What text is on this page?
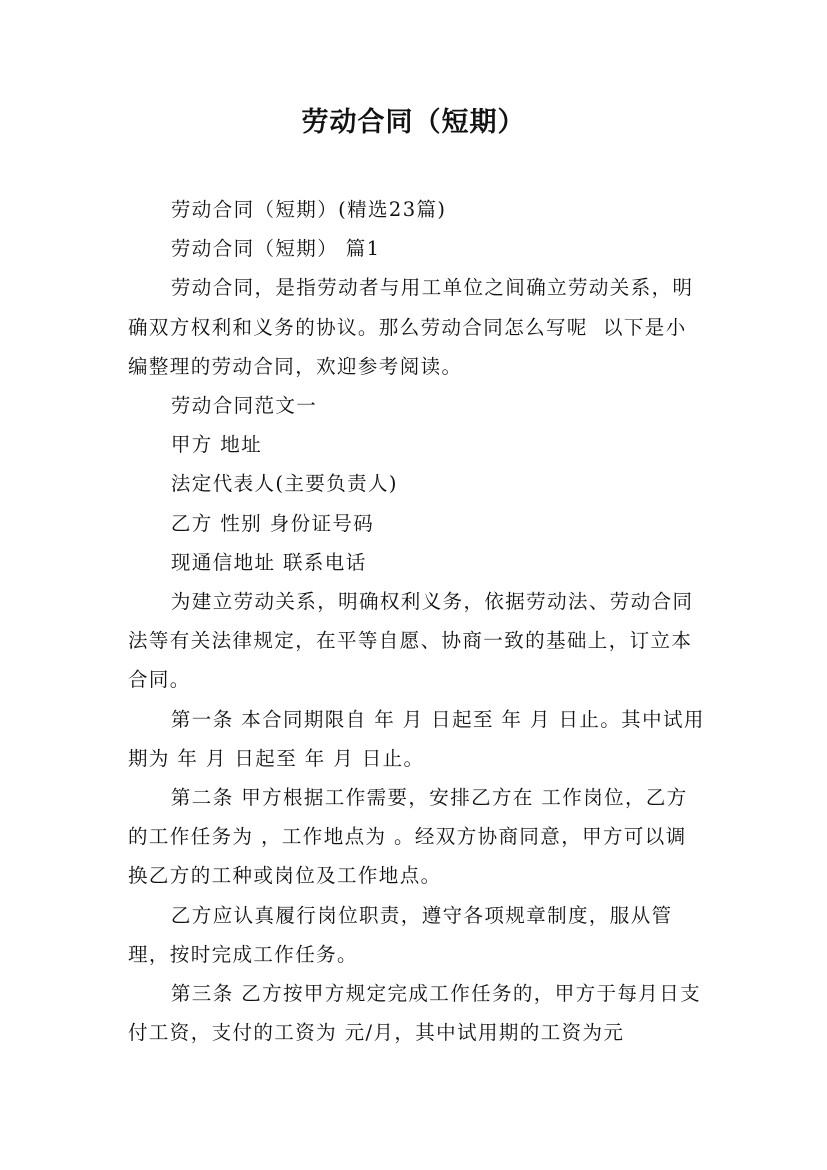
劳动合同（短期）

劳动合同（短期）(精选23篇)

劳动合同（短期） 篇1

劳动合同，是指劳动者与用工单位之间确立劳动关系，明确双方权利和义务的协议。那么劳动合同怎么写呢  以下是小编整理的劳动合同，欢迎参考阅读。

劳动合同范文一

甲方 地址

法定代表人(主要负责人)

乙方 性别 身份证号码

现通信地址 联系电话

为建立劳动关系，明确权利义务，依据劳动法、劳动合同法等有关法律规定，在平等自愿、协商一致的基础上，订立本合同。

第一条 本合同期限自 年 月 日起至 年 月 日止。其中试用期为 年 月 日起至 年 月 日止。

第二条 甲方根据工作需要，安排乙方在 工作岗位，乙方的工作任务为 ，工作地点为 。经双方协商同意，甲方可以调换乙方的工种或岗位及工作地点。

乙方应认真履行岗位职责，遵守各项规章制度，服从管理，按时完成工作任务。

第三条 乙方按甲方规定完成工作任务的，甲方于每月日支付工资，支付的工资为 元/月，其中试用期的工资为元
